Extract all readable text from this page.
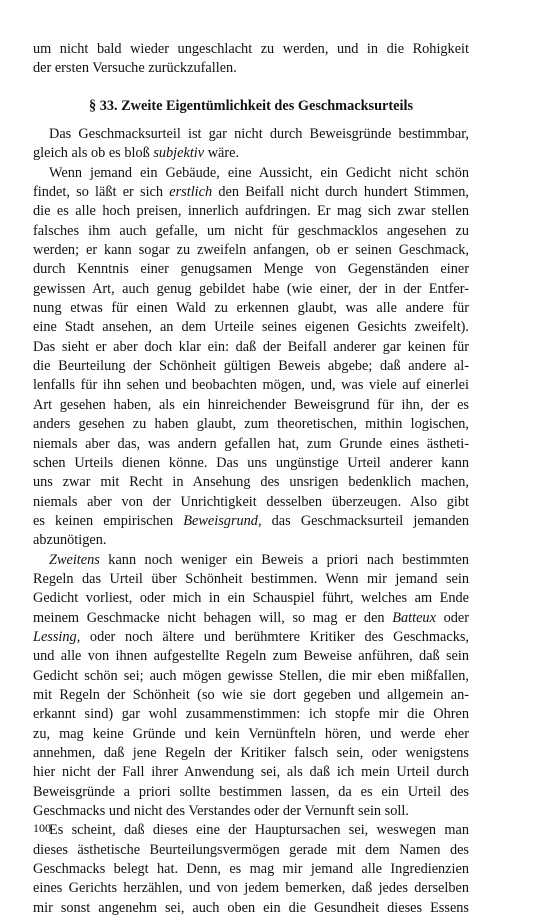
um nicht bald wieder ungeschlacht zu werden, und in die Rohigkeit
der ersten Versuche zurückzufallen.
§ 33. Zweite Eigentümlichkeit des Geschmacksurteils
Das Geschmacksurteil ist gar nicht durch Beweisgründe bestimmbar,
gleich als ob es bloß subjektiv wäre.
Wenn jemand ein Gebäude, eine Aussicht, ein Gedicht nicht schön
findet, so läßt er sich erstlich den Beifall nicht durch hundert Stimmen,
die es alle hoch preisen, innerlich aufdringen. Er mag sich zwar stellen
falsches ihm auch gefalle, um nicht für geschmacklos angesehen zu
werden; er kann sogar zu zweifeln anfangen, ob er seinen Geschmack,
durch Kenntnis einer genugsamen Menge von Gegenständen einer
gewissen Art, auch genug gebildet habe (wie einer, der in der Entfer-
nung etwas für einen Wald zu erkennen glaubt, was alle andere für
eine Stadt ansehen, an dem Urteile seines eigenen Gesichts zweifelt).
Das sieht er aber doch klar ein: daß der Beifall anderer gar keinen für
die Beurteilung der Schönheit gültigen Beweis abgebe; daß andere al-
lenfalls für ihn sehen und beobachten mögen, und, was viele auf einerlei
Art gesehen haben, als ein hinreichender Beweisgrund für ihn, der es
anders gesehen zu haben glaubt, zum theoretischen, mithin logischen,
niemals aber das, was andern gefallen hat, zum Grunde eines ästheti-
schen Urteils dienen könne. Das uns ungünstige Urteil anderer kann
uns zwar mit Recht in Ansehung des unsrigen bedenklich machen,
niemals aber von der Unrichtigkeit desselben überzeugen. Also gibt
es keinen empirischen Beweisgrund, das Geschmacksurteil jemanden
abzunötigen.
Zweitens kann noch weniger ein Beweis a priori nach bestimmten
Regeln das Urteil über Schönheit bestimmen. Wenn mir jemand sein
Gedicht vorliest, oder mich in ein Schauspiel führt, welches am Ende
meinem Geschmacke nicht behagen will, so mag er den Batteux oder
Lessing, oder noch ältere und berühmtere Kritiker des Geschmacks,
und alle von ihnen aufgestellte Regeln zum Beweise anführen, daß sein
Gedicht schön sei; auch mögen gewisse Stellen, die mir eben mißfallen,
mit Regeln der Schönheit (so wie sie dort gegeben und allgemein an-
erkannt sind) gar wohl zusammenstimmen: ich stopfe mir die Ohren
zu, mag keine Gründe und kein Vernünfteln hören, und werde eher
annehmen, daß jene Regeln der Kritiker falsch sein, oder wenigstens
hier nicht der Fall ihrer Anwendung sei, als daß ich mein Urteil durch
Beweisgründe a priori sollte bestimmen lassen, da es ein Urteil des
Geschmacks und nicht des Verstandes oder der Vernunft sein soll.
Es scheint, daß dieses eine der Hauptursachen sei, weswegen man
dieses ästhetische Beurteilungsvermögen gerade mit dem Namen des
Geschmacks belegt hat. Denn, es mag mir jemand alle Ingredienzien
eines Gerichts herzählen, und von jedem bemerken, daß jedes derselben
mir sonst angenehm sei, auch oben ein die Gesundheit dieses Essens
100
